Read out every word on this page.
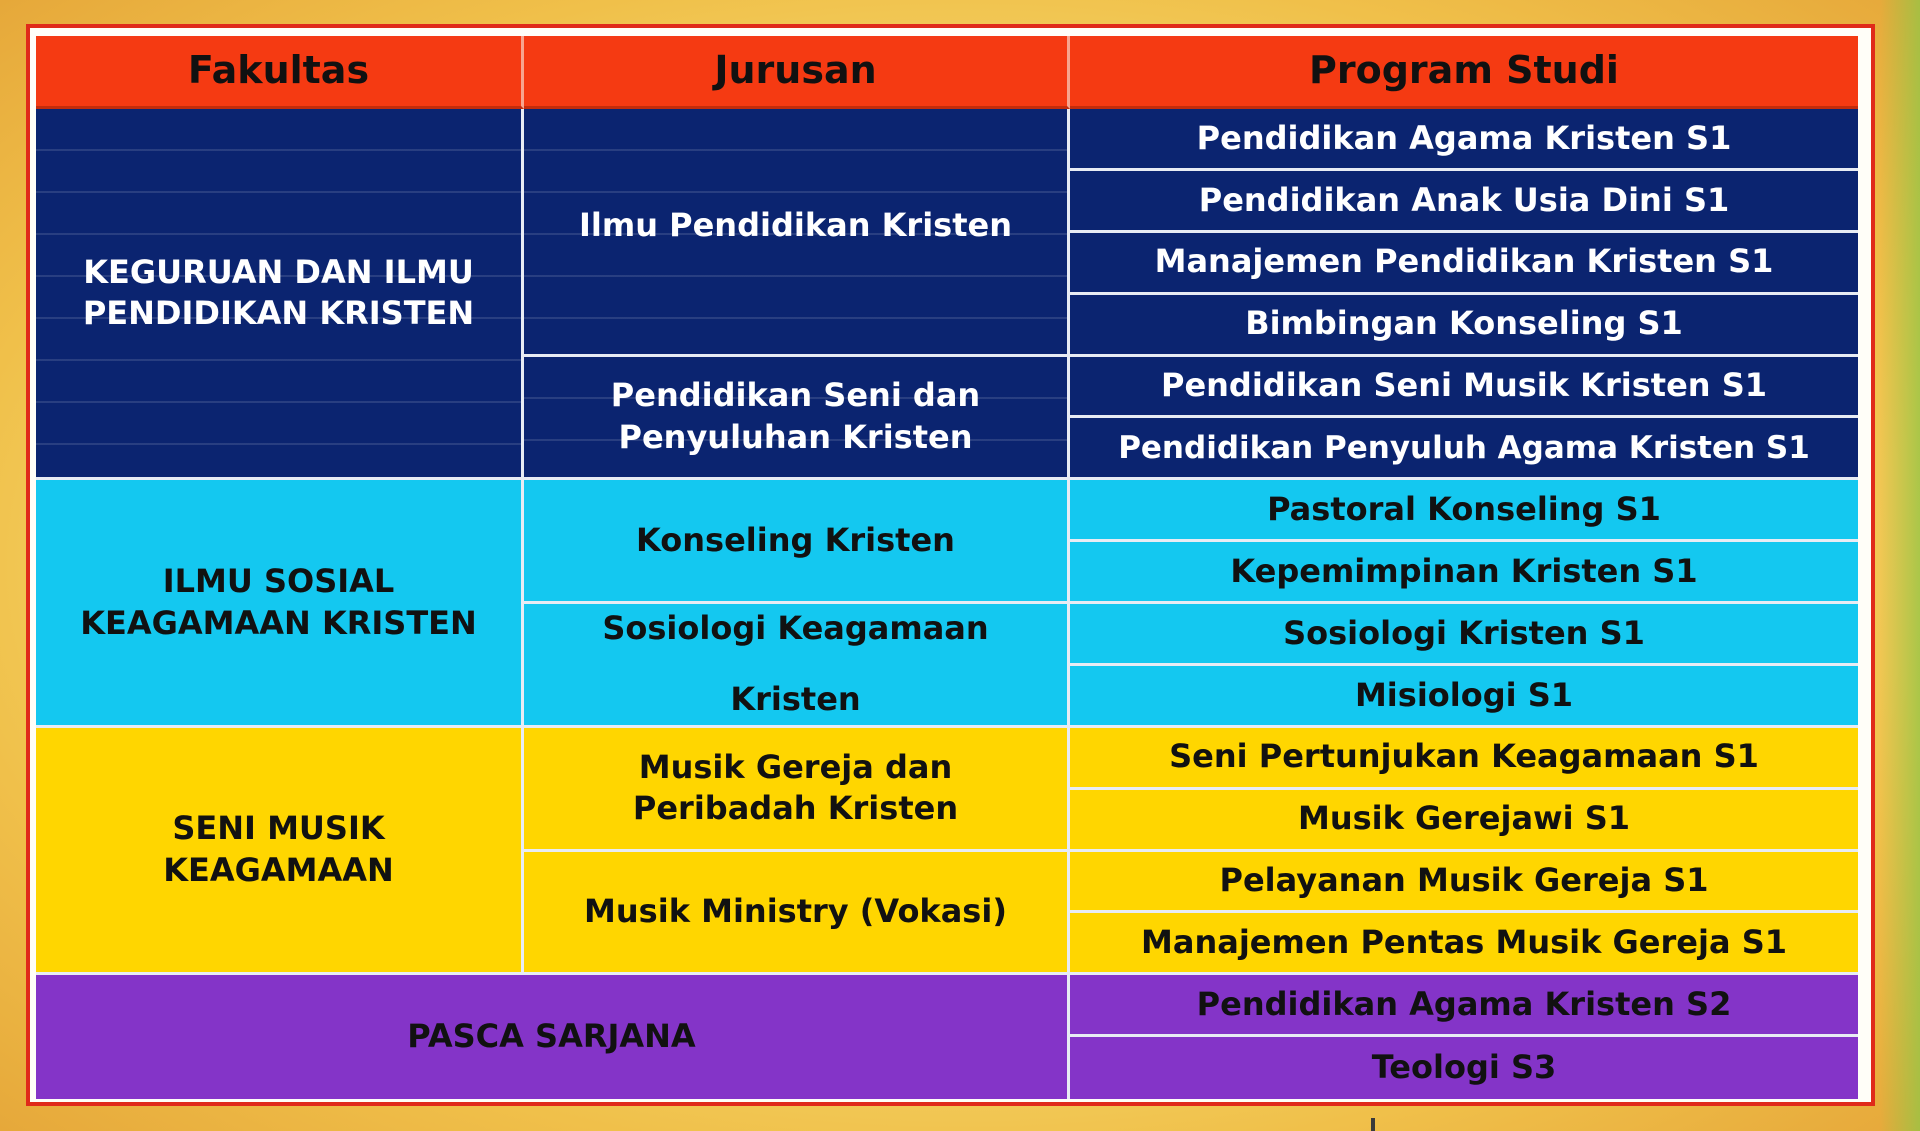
Fakultas	Jurusan	Program Studi
KEGURUAN DAN ILMU PENDIDIKAN KRISTEN
Ilmu Pendidikan Kristen
Pendidikan Agama Kristen S1
Pendidikan Anak Usia Dini S1
Manajemen Pendidikan Kristen S1
Bimbingan Konseling S1
Pendidikan Seni dan Penyuluhan Kristen
Pendidikan Seni Musik Kristen S1
Pendidikan Penyuluh Agama Kristen S1
ILMU SOSIAL KEAGAMAAN KRISTEN
Konseling Kristen
Pastoral Konseling S1
Kepemimpinan Kristen S1
Sosiologi Keagamaan
Kristen
Sosiologi Kristen S1
Misiologi S1
SENI MUSIK KEAGAMAAN
Musik Gereja dan Peribadah Kristen
Seni Pertunjukan Keagamaan S1
Musik Gerejawi S1
Musik Ministry (Vokasi)
Pelayanan Musik Gereja S1
Manajemen Pentas Musik Gereja S1
PASCA SARJANA
Pendidikan Agama Kristen S2
Teologi S3
